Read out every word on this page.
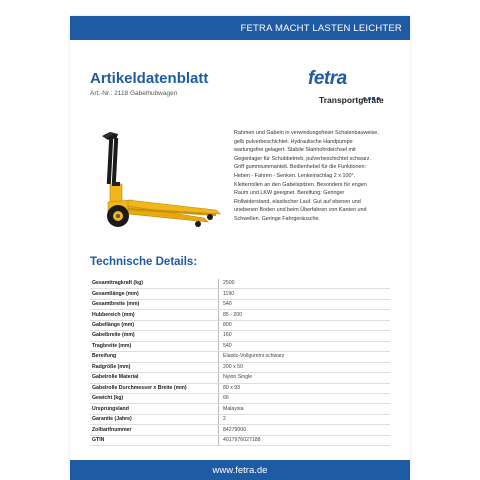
FETRA MACHT LASTEN LEICHTER
Artikeldatenblatt
Art.-Nr.: 2118 Gabelhubwagen
fetra
Transportgeräte
Rahmen und Gabeln in verwindungsfreier Schalenbauweise,
gelb pulverbeschichtet. Hydraulische Handpumpe
wartungsfrei gelagert. Stabile Stahlrohrdeichsel mit
Gegenlager für Schubbetrieb, pulverbeschichtet schwarz.
Griff gummiummantelt. Bedienhebel für die Funktionen:
Heben - Fahren - Senken. Lenkeinschlag 2 x 100°.
Kletterrollen an den Gabelspitzen. Besonders für engen
Raum und LKW geeignet. Bereifung: Geringer
Rollwiderstand, elastischer Lauf. Gut auf ebenen und
unebenen Boden und beim Überfahren von Kanten und
Schwellen. Geringe Fahrgeräusche.
Technische Details:
Gesamttragkraft (kg)	2500
Gesamtlänge (mm)	1190
Gesamtbreite (mm)	540
Hubbereich (mm)	85 - 200
Gabellänge (mm)	800
Gabelbreite (mm)	160
Tragbreite (mm)	540
Bereifung	Elastic-Vollgummi schwarz
Radgröße (mm)	200 x 50
Gabelrolle Material	Nylon Single
Gabelrolle Durchmesser x Breite (mm)	80 x 93
Gewicht (kg)	66
Ursprungsland	Malaysia
Garantie (Jahre)	2
Zolltarifnummer	84279000
GTIN	4017976027188
www.fetra.de
